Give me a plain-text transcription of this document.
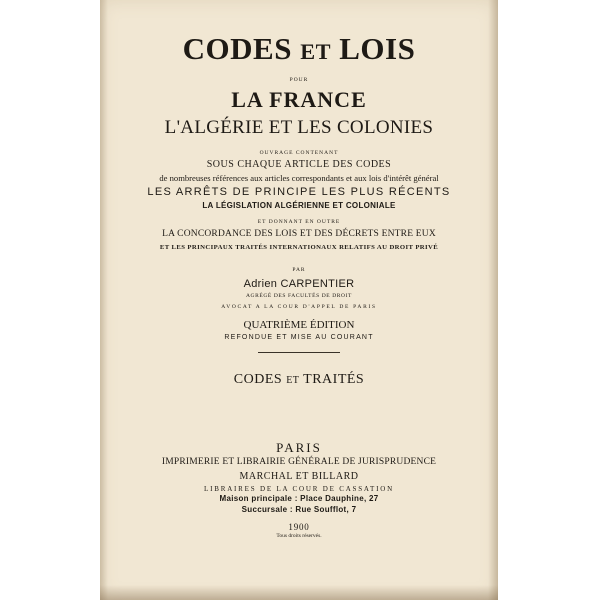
CODES ET LOIS

POUR

LA FRANCE

L'ALGÉRIE ET LES COLONIES

OUVRAGE CONTENANT

SOUS CHAQUE ARTICLE DES CODES

de nombreuses références aux articles correspondants et aux lois d'intérêt général

LES ARRÊTS DE PRINCIPE LES PLUS RÉCENTS

LA LÉGISLATION ALGÉRIENNE ET COLONIALE

ET DONNANT EN OUTRE

LA CONCORDANCE DES LOIS ET DES DÉCRETS ENTRE EUX

ET LES PRINCIPAUX TRAITÉS INTERNATIONAUX RELATIFS AU DROIT PRIVÉ

PAR

Adrien CARPENTIER

AGRÉGÉ DES FACULTÉS DE DROIT

AVOCAT A LA COUR D'APPEL DE PARIS

QUATRIÈME ÉDITION

REFONDUE ET MISE AU COURANT

CODES ET TRAITÉS

PARIS

IMPRIMERIE ET LIBRAIRIE GÉNÉRALE DE JURISPRUDENCE

MARCHAL ET BILLARD

LIBRAIRES DE LA COUR DE CASSATION

Maison principale : Place Dauphine, 27

Succursale : Rue Soufflot, 7

1900

Tous droits réservés.
